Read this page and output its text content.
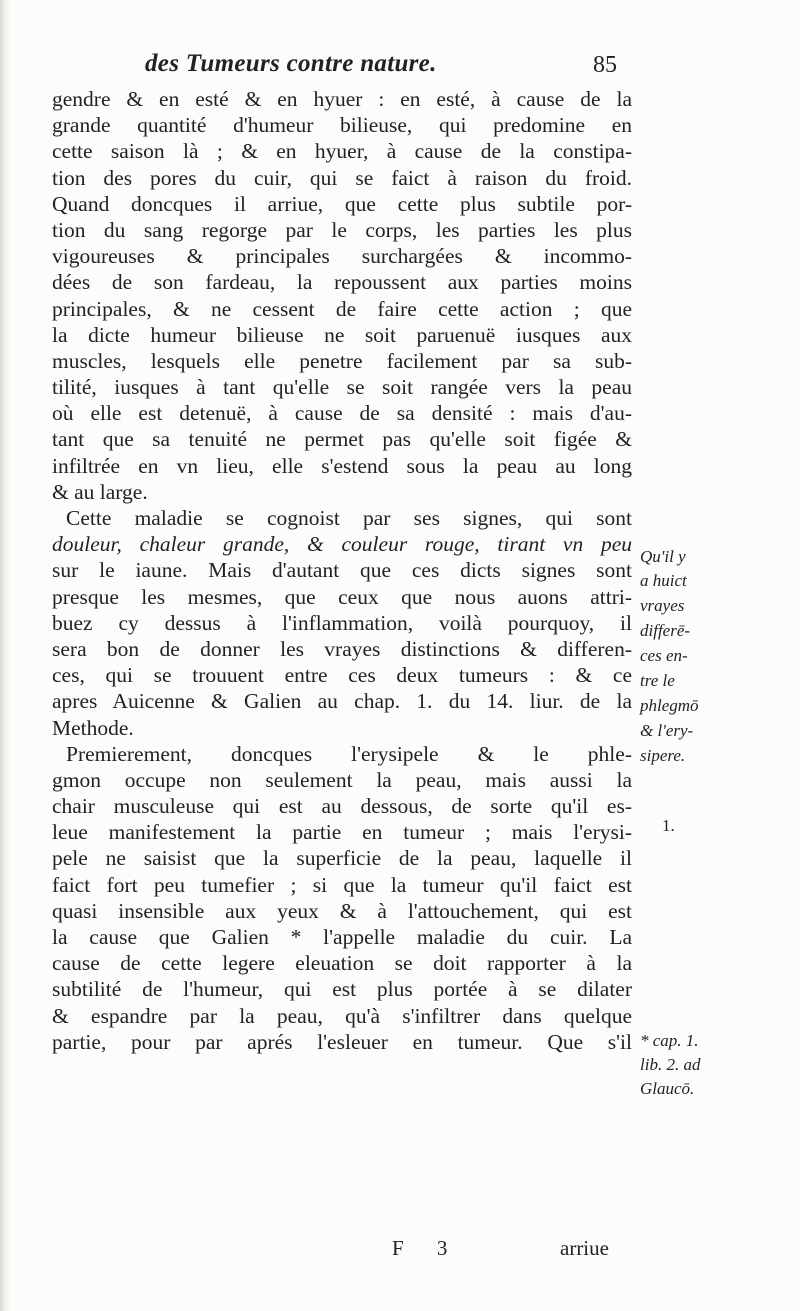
des Tumeurs contre nature.	85
gendre & en esté & en hyuer : en esté, à cause de la
grande quantité d'humeur bilieuse, qui predomine en
cette saison là ; & en hyuer, à cause de la constipa-
tion des pores du cuir, qui se faict à raison du froid.
Quand doncques il arriue, que cette plus subtile por-
tion du sang regorge par le corps, les parties les plus
vigoureuses & principales surchargées & incommo-
dées de son fardeau, la repoussent aux parties moins
principales, & ne cessent de faire cette action ; que
la dicte humeur bilieuse ne soit paruenuë iusques aux
muscles, lesquels elle penetre facilement par sa sub-
tilité, iusques à tant qu'elle se soit rangée vers la peau
où elle est detenuë, à cause de sa densité : mais d'au-
tant que sa tenuité ne permet pas qu'elle soit figée &
infiltrée en vn lieu, elle s'estend sous la peau au long
& au large.
Cette maladie se cognoist par ses signes, qui sont
douleur, chaleur grande, & couleur rouge, tirant vn peu
sur le iaune. Mais d'autant que ces dicts signes sont
presque les mesmes, que ceux que nous auons attri-
buez cy dessus à l'inflammation, voilà pourquoy, il
sera bon de donner les vrayes distinctions & differen-
ces, qui se trouuent entre ces deux tumeurs : & ce
apres Auicenne & Galien au chap. 1. du 14. liur. de la
Methode.
Premierement, doncques l'erysipele & le phle-
gmon occupe non seulement la peau, mais aussi la
chair musculeuse qui est au dessous, de sorte qu'il es-
leue manifestement la partie en tumeur ; mais l'erysi-
pele ne saisist que la superficie de la peau, laquelle il
faict fort peu tumefier ; si que la tumeur qu'il faict est
quasi insensible aux yeux & à l'attouchement, qui est
la cause que Galien * l'appelle maladie du cuir. La
cause de cette legere eleuation se doit rapporter à la
subtilité de l'humeur, qui est plus portée à se dilater
& espandre par la peau, qu'à s'infiltrer dans quelque
partie, pour par aprés l'esleuer en tumeur. Que s'il
Qu'il y
a huict
vrayes
differē-
ces en-
tre le
phlegmō
& l'ery-
sipere.
1.
* cap. 1.
lib. 2. ad
Glaucō.
F 3	arriue
